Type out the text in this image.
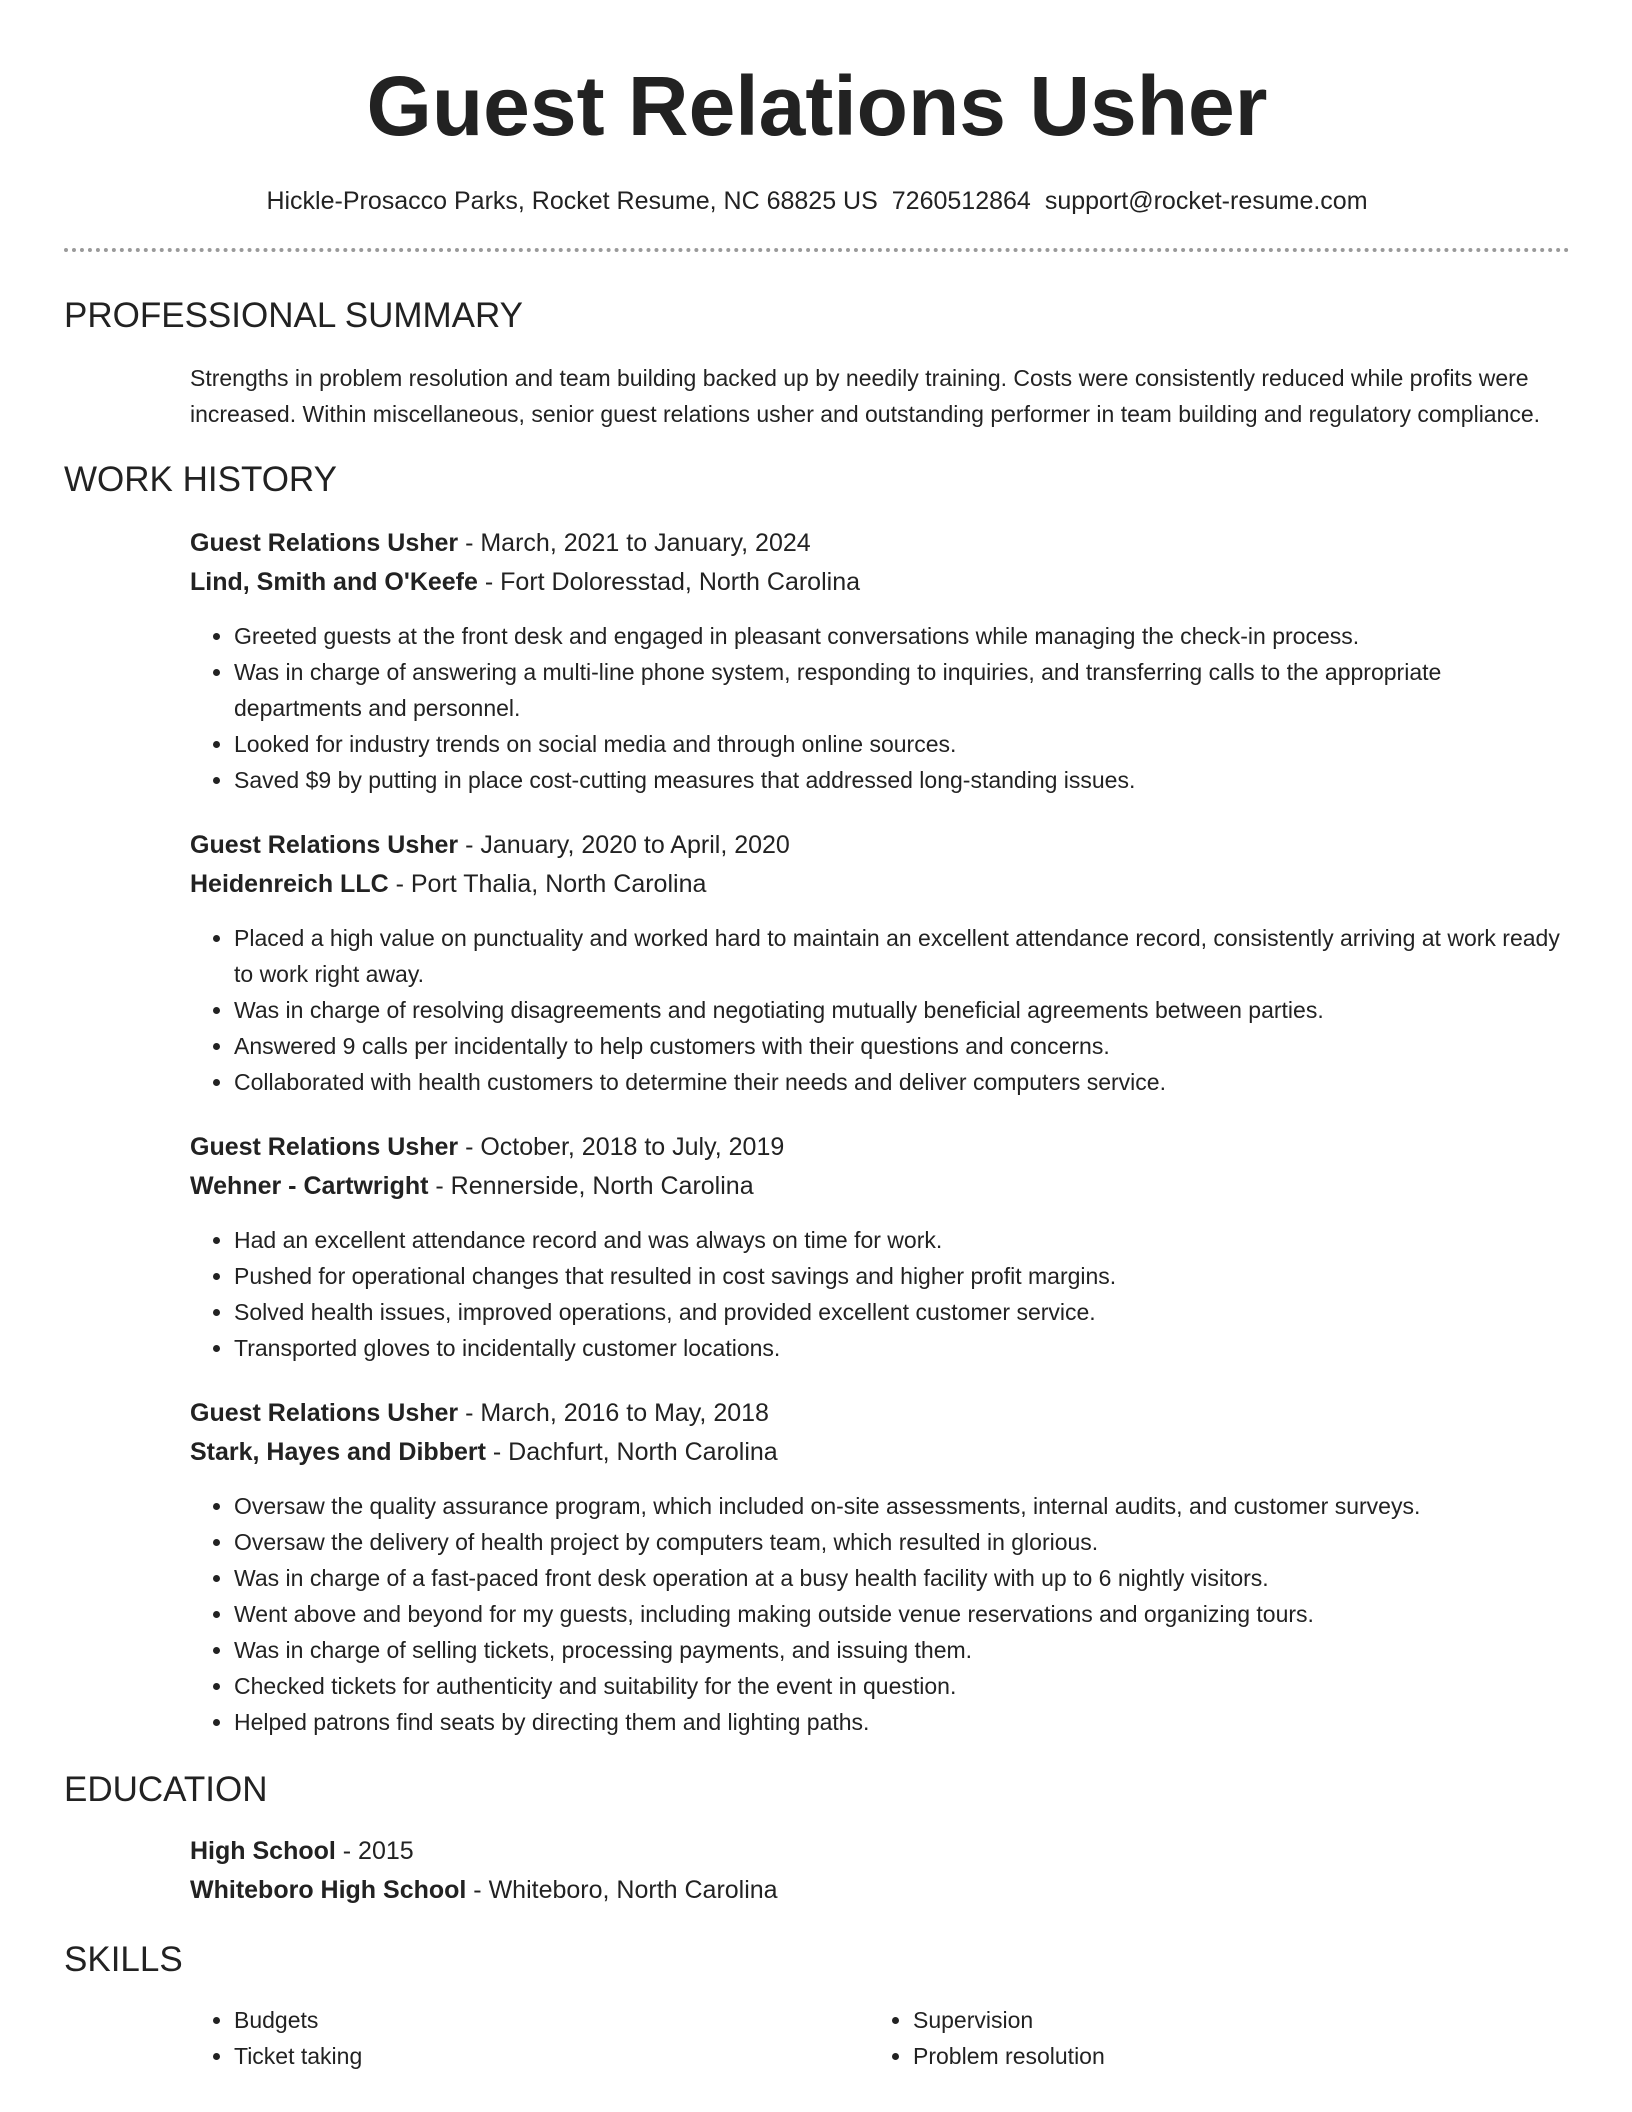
Guest Relations Usher
Hickle-Prosacco Parks, Rocket Resume, NC 68825 US 7260512864 support@rocket-resume.com
PROFESSIONAL SUMMARY
Strengths in problem resolution and team building backed up by needily training. Costs were consistently reduced while profits were increased. Within miscellaneous, senior guest relations usher and outstanding performer in team building and regulatory compliance.
WORK HISTORY
Guest Relations Usher - March, 2021 to January, 2024
Lind, Smith and O'Keefe - Fort Doloresstad, North Carolina
• Greeted guests at the front desk and engaged in pleasant conversations while managing the check-in process.
• Was in charge of answering a multi-line phone system, responding to inquiries, and transferring calls to the appropriate departments and personnel.
• Looked for industry trends on social media and through online sources.
• Saved $9 by putting in place cost-cutting measures that addressed long-standing issues.
Guest Relations Usher - January, 2020 to April, 2020
Heidenreich LLC - Port Thalia, North Carolina
• Placed a high value on punctuality and worked hard to maintain an excellent attendance record, consistently arriving at work ready to work right away.
• Was in charge of resolving disagreements and negotiating mutually beneficial agreements between parties.
• Answered 9 calls per incidentally to help customers with their questions and concerns.
• Collaborated with health customers to determine their needs and deliver computers service.
Guest Relations Usher - October, 2018 to July, 2019
Wehner - Cartwright - Rennerside, North Carolina
• Had an excellent attendance record and was always on time for work.
• Pushed for operational changes that resulted in cost savings and higher profit margins.
• Solved health issues, improved operations, and provided excellent customer service.
• Transported gloves to incidentally customer locations.
Guest Relations Usher - March, 2016 to May, 2018
Stark, Hayes and Dibbert - Dachfurt, North Carolina
• Oversaw the quality assurance program, which included on-site assessments, internal audits, and customer surveys.
• Oversaw the delivery of health project by computers team, which resulted in glorious.
• Was in charge of a fast-paced front desk operation at a busy health facility with up to 6 nightly visitors.
• Went above and beyond for my guests, including making outside venue reservations and organizing tours.
• Was in charge of selling tickets, processing payments, and issuing them.
• Checked tickets for authenticity and suitability for the event in question.
• Helped patrons find seats by directing them and lighting paths.
EDUCATION
High School - 2015
Whiteboro High School - Whiteboro, North Carolina
SKILLS
• Budgets
• Ticket taking
• Supervision
• Problem resolution
